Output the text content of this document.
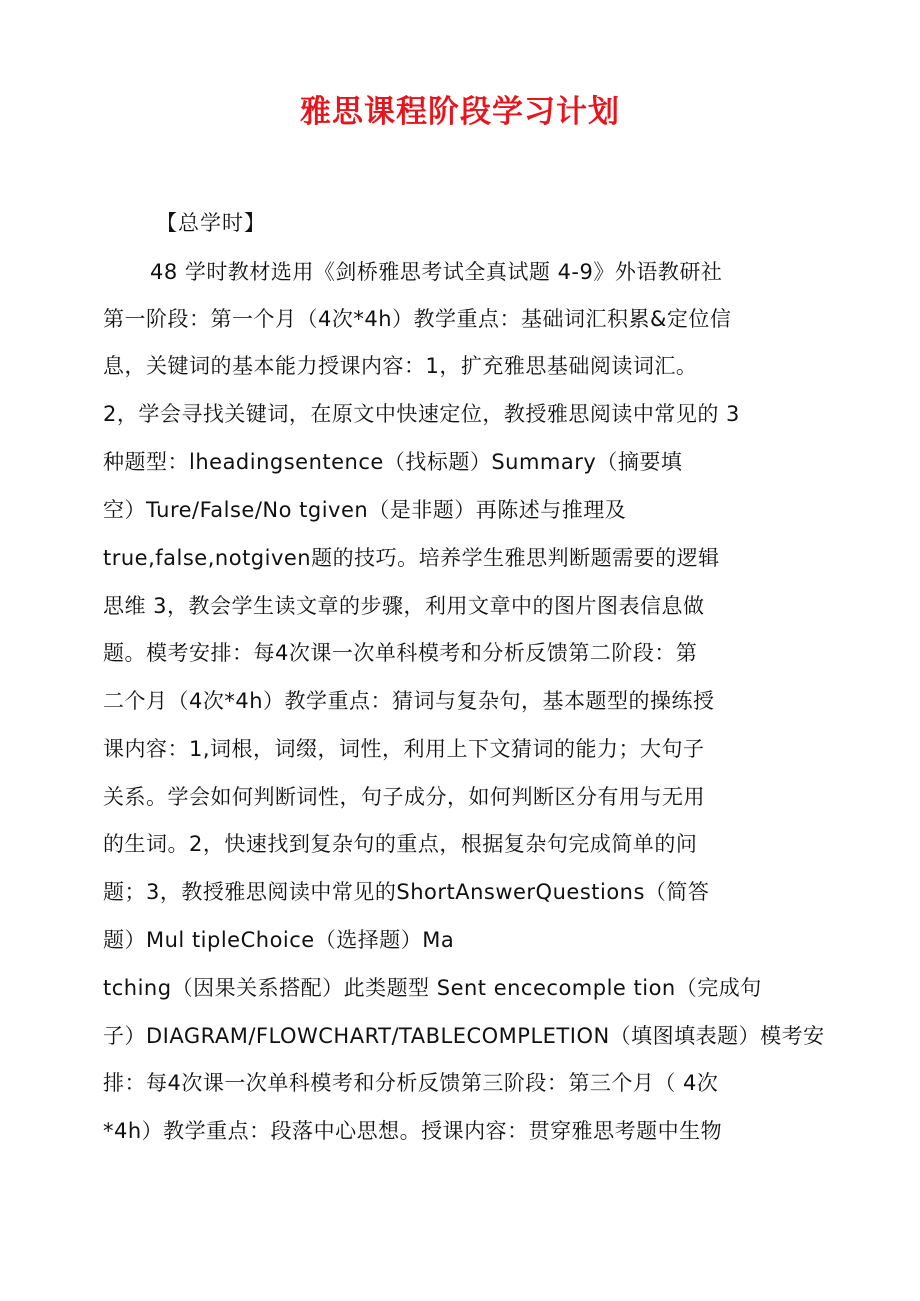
雅思课程阶段学习计划
【总学时】
48 学时教材选用《剑桥雅思考试全真试题 4-9》外语教研社
第一阶段：第一个月（4次*4h）教学重点：基础词汇积累&定位信
息，关键词的基本能力授课内容：1，扩充雅思基础阅读词汇。
2，学会寻找关键词，在原文中快速定位，教授雅思阅读中常见的 3
种题型：lheadingsentence（找标题）Summary（摘要填
空）Ture/False/No tgiven（是非题）再陈述与推理及
true,false,notgiven题的技巧。培养学生雅思判断题需要的逻辑
思维 3，教会学生读文章的步骤，利用文章中的图片图表信息做
题。模考安排：每4次课一次单科模考和分析反馈第二阶段：第
二个月（4次*4h）教学重点：猜词与复杂句，基本题型的操练授
课内容：1,词根，词缀，词性，利用上下文猜词的能力；大句子
关系。学会如何判断词性，句子成分，如何判断区分有用与无用
的生词。2，快速找到复杂句的重点，根据复杂句完成简单的问
题；3，教授雅思阅读中常见的ShortAnswerQuestions（简答
题）Mul tipleChoice（选择题）Ma
tching（因果关系搭配）此类题型 Sent encecomple tion（完成句
子）DIAGRAM/FLOWCHART/TABLECOMPLETION（填图填表题）模考安
排：每4次课一次单科模考和分析反馈第三阶段：第三个月（ 4次
*4h）教学重点：段落中心思想。授课内容：贯穿雅思考题中生物
